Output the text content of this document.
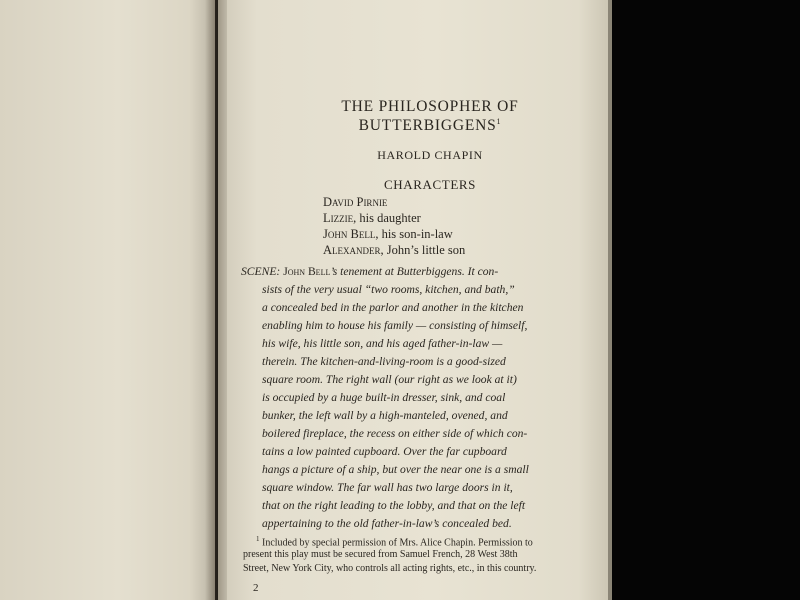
THE PHILOSOPHER OF
BUTTERBIGGENS$^1$
HAROLD CHAPIN
CHARACTERS
David Pirnie
Lizzie, his daughter
John Bell, his son-in-law
Alexander, John’s little son
SCENE: John Bell’s tenement at Butterbiggens. It con-
sists of the very usual “two rooms, kitchen, and bath,”
a concealed bed in the parlor and another in the kitchen
enabling him to house his family — consisting of himself,
his wife, his little son, and his aged father-in-law —
therein. The kitchen-and-living-room is a good-sized
square room. The right wall (our right as we look at it)
is occupied by a huge built-in dresser, sink, and coal
bunker, the left wall by a high-manteled, ovened, and
boilered fireplace, the recess on either side of which con-
tains a low painted cupboard. Over the far cupboard
hangs a picture of a ship, but over the near one is a small
square window. The far wall has two large doors in it,
that on the right leading to the lobby, and that on the left
appertaining to the old father-in-law’s concealed bed.
$^1$ Included by special permission of Mrs. Alice Chapin. Permission to
present this play must be secured from Samuel French, 28 West 38th
Street, New York City, who controls all acting rights, etc., in this country.
2
